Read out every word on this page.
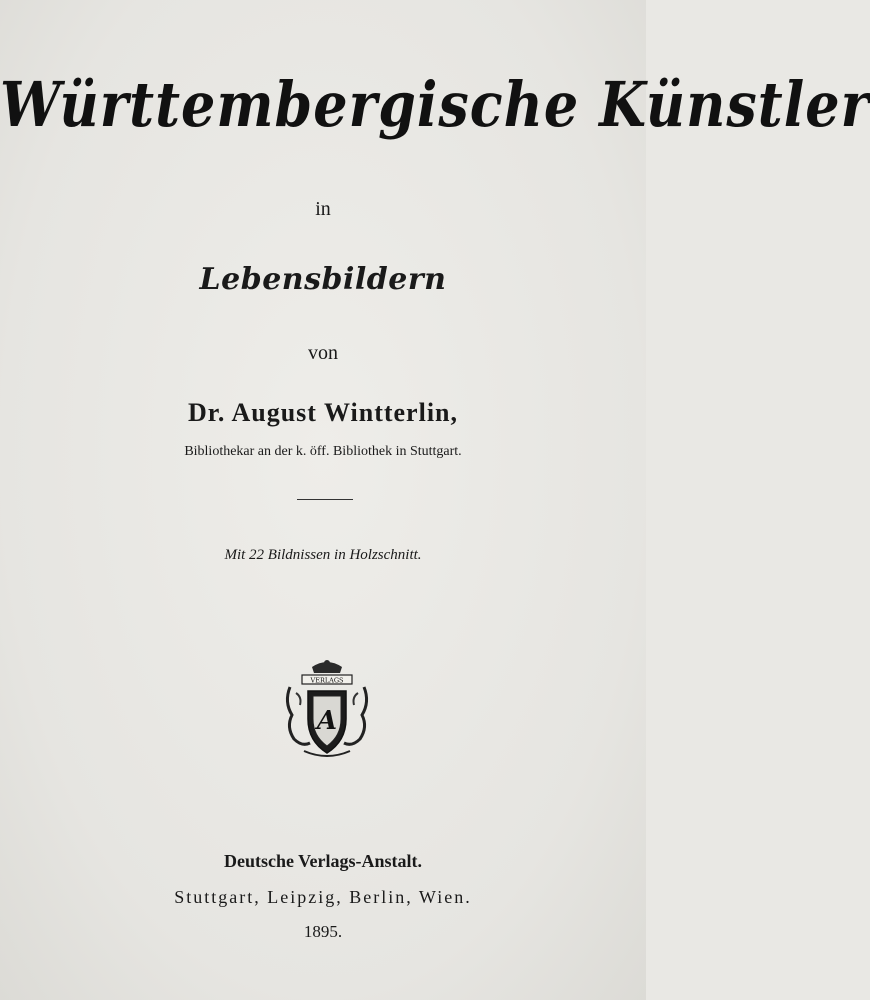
Württembergische Künstler
in
Lebensbildern
von
Dr. August Wintterlin,
Bibliothekar an der k. öff. Bibliothek in Stuttgart.
Mit 22 Bildnissen in Holzschnitt.
VERLAGS
A
Deutsche Verlags-Anstalt.
Stuttgart, Leipzig, Berlin, Wien.
1895.
